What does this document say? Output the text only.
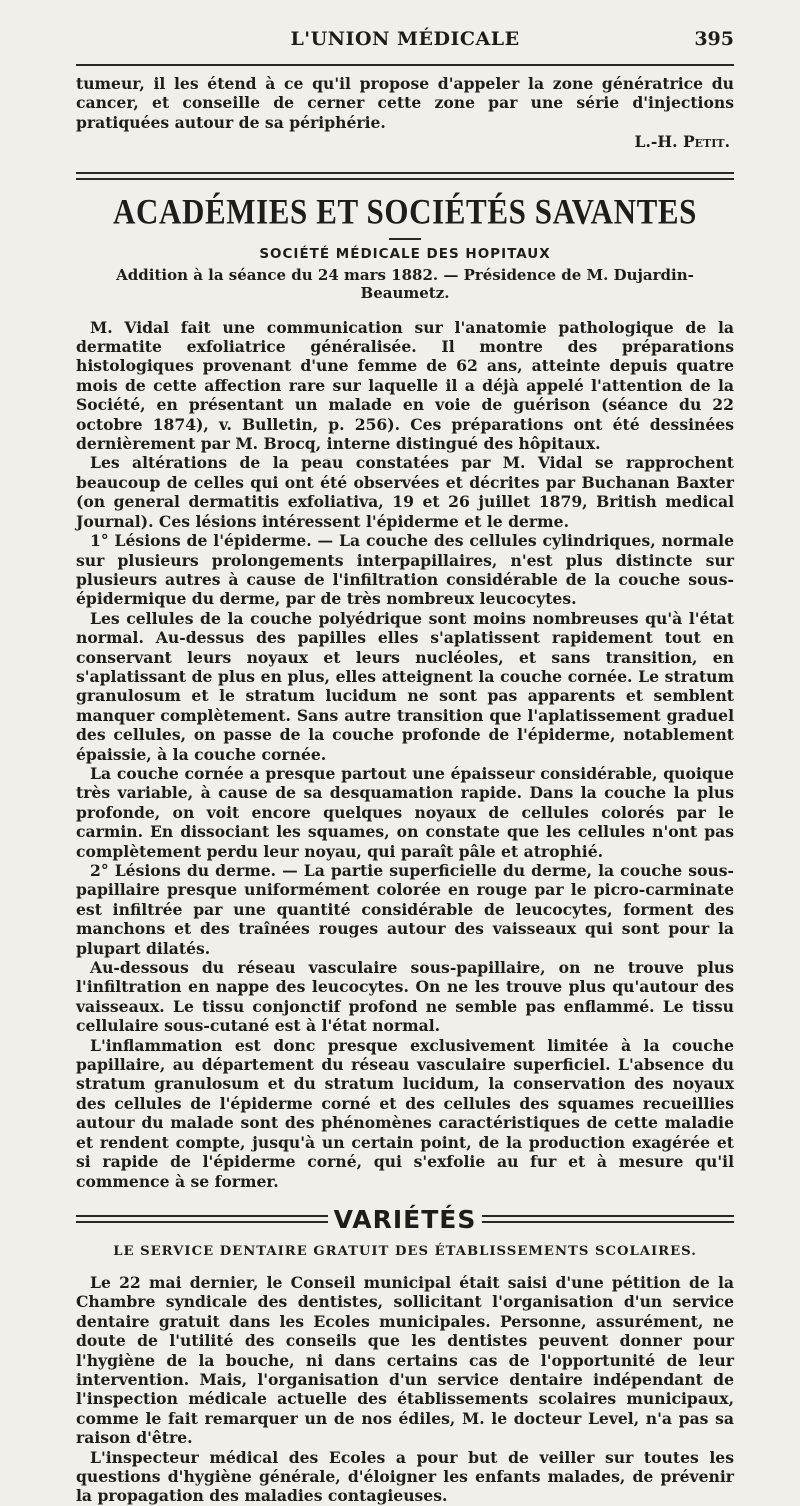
L'UNION MÉDICALE	395

tumeur, il les étend à ce qu'il propose d'appeler la zone génératrice du cancer, et conseille de cerner cette zone par une série d'injections pratiquées autour de sa périphérie.

L.-H. Petit.

ACADÉMIES ET SOCIÉTÉS SAVANTES
SOCIÉTÉ MÉDICALE DES HOPITAUX
Addition à la séance du 24 mars 1882. — Présidence de M. Dujardin-Beaumetz.

M. Vidal fait une communication sur l'anatomie pathologique de la dermatite exfoliatrice généralisée. Il montre des préparations histologiques provenant d'une femme de 62 ans, atteinte depuis quatre mois de cette affection rare sur laquelle il a déjà appelé l'attention de la Société, en présentant un malade en voie de guérison (séance du 22 octobre 1874), v. Bulletin, p. 256). Ces préparations ont été dessinées dernièrement par M. Brocq, interne distingué des hôpitaux.

Les altérations de la peau constatées par M. Vidal se rapprochent beaucoup de celles qui ont été observées et décrites par Buchanan Baxter (on general dermatitis exfoliativa, 19 et 26 juillet 1879, British medical Journal). Ces lésions intéressent l'épiderme et le derme.

1° Lésions de l'épiderme. — La couche des cellules cylindriques, normale sur plusieurs prolongements interpapillaires, n'est plus distincte sur plusieurs autres à cause de l'infiltration considérable de la couche sous-épidermique du derme, par de très nombreux leucocytes.

Les cellules de la couche polyédrique sont moins nombreuses qu'à l'état normal. Au-dessus des papilles elles s'aplatissent rapidement tout en conservant leurs noyaux et leurs nucléoles, et sans transition, en s'aplatissant de plus en plus, elles atteignent la couche cornée. Le stratum granulosum et le stratum lucidum ne sont pas apparents et semblent manquer complètement. Sans autre transition que l'aplatissement graduel des cellules, on passe de la couche profonde de l'épiderme, notablement épaissie, à la couche cornée.

La couche cornée a presque partout une épaisseur considérable, quoique très variable, à cause de sa desquamation rapide. Dans la couche la plus profonde, on voit encore quelques noyaux de cellules colorés par le carmin. En dissociant les squames, on constate que les cellules n'ont pas complètement perdu leur noyau, qui paraît pâle et atrophié.

2° Lésions du derme. — La partie superficielle du derme, la couche sous-papillaire presque uniformément colorée en rouge par le picro-carminate est infiltrée par une quantité considérable de leucocytes, forment des manchons et des traînées rouges autour des vaisseaux qui sont pour la plupart dilatés.

Au-dessous du réseau vasculaire sous-papillaire, on ne trouve plus l'infiltration en nappe des leucocytes. On ne les trouve plus qu'autour des vaisseaux. Le tissu conjonctif profond ne semble pas enflammé. Le tissu cellulaire sous-cutané est à l'état normal.

L'inflammation est donc presque exclusivement limitée à la couche papillaire, au département du réseau vasculaire superficiel. L'absence du stratum granulosum et du stratum lucidum, la conservation des noyaux des cellules de l'épiderme corné et des cellules des squames recueillies autour du malade sont des phénomènes caractéristiques de cette maladie et rendent compte, jusqu'à un certain point, de la production exagérée et si rapide de l'épiderme corné, qui s'exfolie au fur et à mesure qu'il commence à se former.

VARIÉTÉS
LE SERVICE DENTAIRE GRATUIT DES ÉTABLISSEMENTS SCOLAIRES.

Le 22 mai dernier, le Conseil municipal était saisi d'une pétition de la Chambre syndicale des dentistes, sollicitant l'organisation d'un service dentaire gratuit dans les Ecoles municipales. Personne, assurément, ne doute de l'utilité des conseils que les dentistes peuvent donner pour l'hygiène de la bouche, ni dans certains cas de l'opportunité de leur intervention. Mais, l'organisation d'un service dentaire indépendant de l'inspection médicale actuelle des établissements scolaires municipaux, comme le fait remarquer un de nos édiles, M. le docteur Level, n'a pas sa raison d'être.

L'inspecteur médical des Ecoles a pour but de veiller sur toutes les questions d'hygiène générale, d'éloigner les enfants malades, de prévenir la propagation des maladies contagieuses.
